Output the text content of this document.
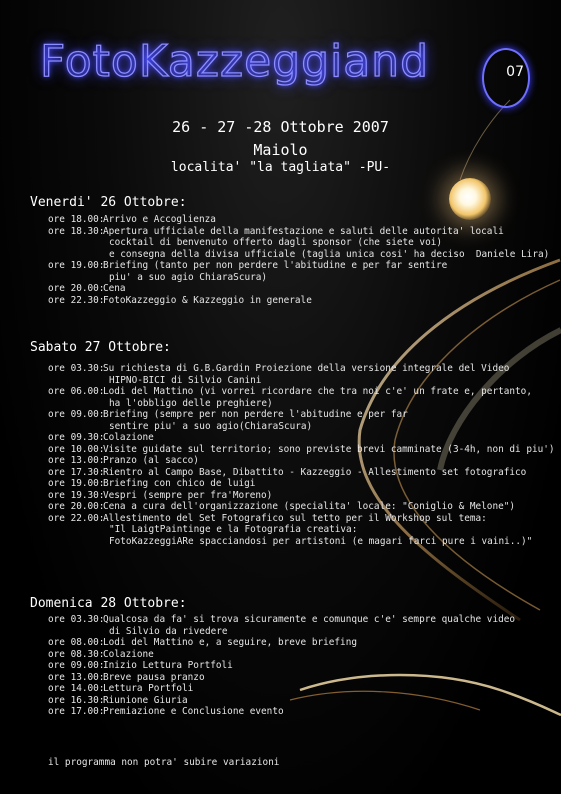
FotoKazzeggiand	07
26 - 27 -28 Ottobre 2007
Maiolo
localita' "la tagliata" -PU-
Venerdi' 26 Ottobre:
ore 18.00:
Arrivo e Accoglienza
ore 18.30:
Apertura ufficiale della manifestazione e saluti delle autorita' locali
cocktail di benvenuto offerto dagli sponsor (che siete voi)
e consegna della divisa ufficiale (taglia unica cosi' ha deciso  Daniele Lira)
ore 19.00:
Briefing (tanto per non perdere l'abitudine e per far sentire
piu' a suo agio ChiaraScura)
ore 20.00:
Cena
ore 22.30:
FotoKazzeggio & Kazzeggio in generale
Sabato 27 Ottobre:
ore 03.30:
Su richiesta di G.B.Gardin Proiezione della versione integrale del Video
HIPNO-BICI di Silvio Canini
ore 06.00:
Lodi del Mattino (vi vorrei ricordare che tra noi c'e' un frate e, pertanto,
ha l'obbligo delle preghiere)
ore 09.00:
Briefing (sempre per non perdere l'abitudine e per far
sentire piu' a suo agio(ChiaraScura)
ore 09.30:
Colazione
ore 10.00:
Visite guidate sul territorio; sono previste brevi camminate (3-4h, non di piu')
ore 13.00:
Pranzo (al sacco)
ore 17.30:
Rientro al Campo Base, Dibattito - Kazzeggio - Allestimento set fotografico
ore 19.00:
Briefing con chico de luigi
ore 19.30:
Vespri (sempre per fra'Moreno)
ore 20.00:
Cena a cura dell'organizzazione (specialita' locale: "Coniglio & Melone")
ore 22.00:
Allestimento del Set Fotografico sul tetto per il Workshop sul tema:
"Il LaigtPaintinge e la Fotografia creativa:
FotoKazzeggiARe spacciandosi per artistoni (e magari farci pure i vaini..)"
Domenica 28 Ottobre:
ore 03.30:
Qualcosa da fa' si trova sicuramente e comunque c'e' sempre qualche video
di Silvio da rivedere
ore 08.00:
Lodi del Mattino e, a seguire, breve briefing
ore 08.30:
Colazione
ore 09.00:
Inizio Lettura Portfoli
ore 13.00:
Breve pausa pranzo
ore 14.00:
Lettura Portfoli
ore 16.30:
Riunione Giuria
ore 17.00:
Premiazione e Conclusione evento
il programma non potra' subire variazioni
